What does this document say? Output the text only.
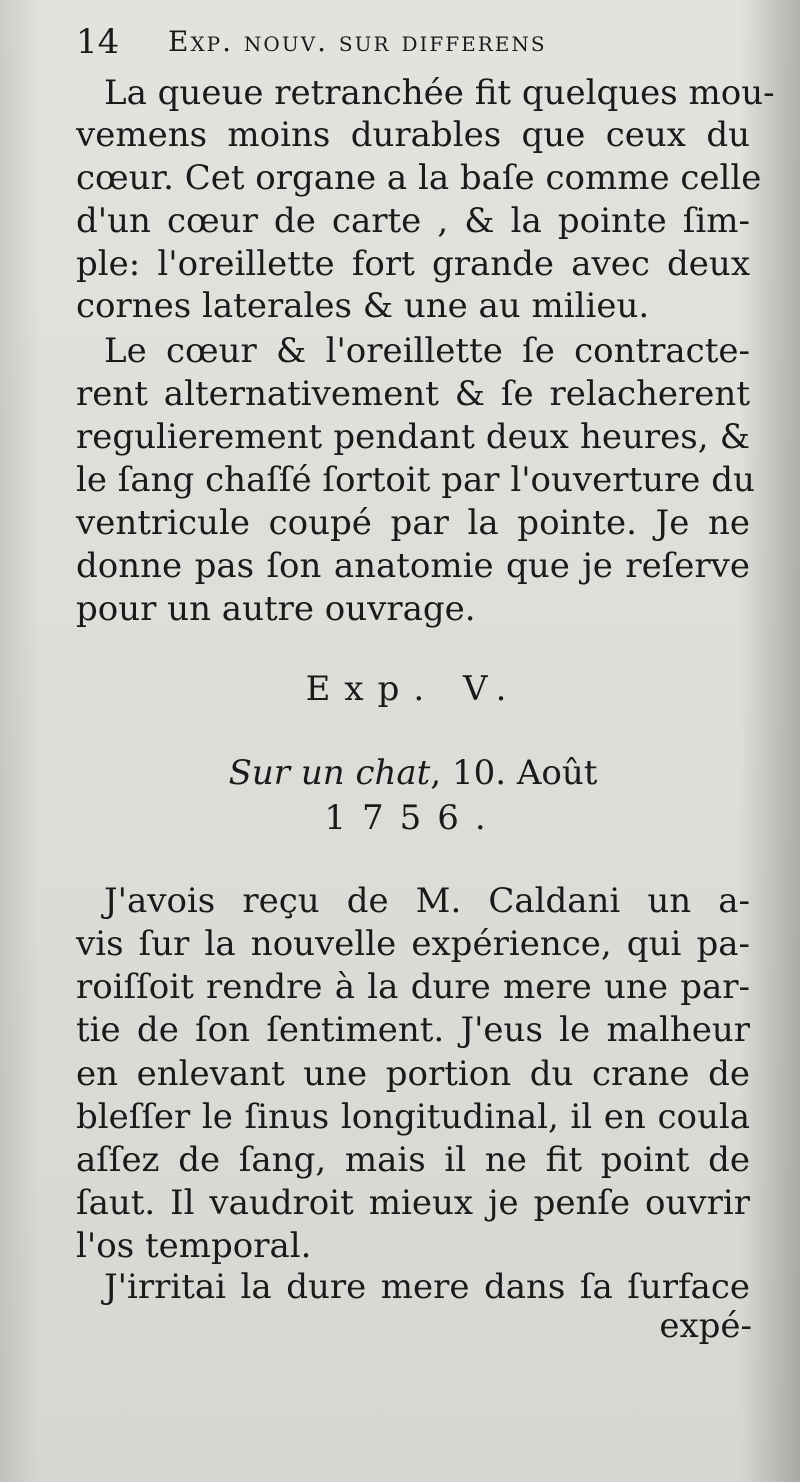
14 Exp. nouv. sur differens
La queue retranchée fit quelques mou-
vemens moins durables que ceux du
cœur. Cet organe a la baſe comme celle
d'un cœur de carte , & la pointe ſim-
ple: l'oreillette fort grande avec deux
cornes laterales & une au milieu.
Le cœur & l'oreillette ſe contracte-
rent alternativement & ſe relacherent
regulierement pendant deux heures, &
le ſang chaſſé ſortoit par l'ouverture du
ventricule coupé par la pointe. Je ne
donne pas ſon anatomie que je reſerve
pour un autre ouvrage.
Exp. V.
Sur un chat, 10. Août
1756.
J'avois reçu de M. Caldani un a-
vis ſur la nouvelle expérience, qui pa-
roiſſoit rendre à la dure mere une par-
tie de ſon ſentiment. J'eus le malheur
en enlevant une portion du crane de
bleſſer le ſinus longitudinal, il en coula
aſſez de ſang, mais il ne fit point de
ſaut. Il vaudroit mieux je penſe ouvrir
l'os temporal.
J'irritai la dure mere dans ſa ſurface
expé-
